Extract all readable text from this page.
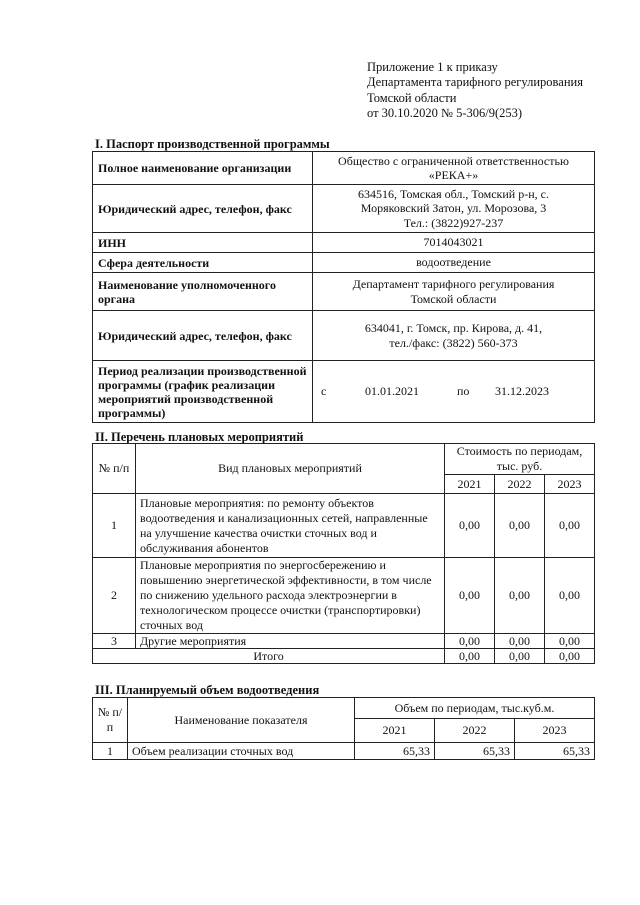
Приложение 1 к приказу
Департамента тарифного регулирования
Томской области
от 30.10.2020 № 5-306/9(253)
I. Паспорт производственной программы
Полное наименование организации	Общество с ограниченной ответственностью
«РЕКА+»

Юридический адрес, телефон, факс	634516, Томская обл., Томский р-н, с.
Моряковский Затон, ул. Морозова, 3
Тел.: (3822)927-237

ИНН	7014043021
Сфера деятельности	водоотведение
Наименование уполномоченного органа	Департамент тарифного регулирования
Томской области

Юридический адрес, телефон, факс	634041, г. Томск, пр. Кирова, д. 41,
тел./факс: (3822) 560-373

Период реализации производственной программы (график реализации мероприятий производственной программы)	с 01.01.2021 по 31.12.2023
II. Перечень плановых мероприятий
№ п/п	Вид плановых мероприятий	Стоимость по периодам, тыс. руб.		
		2021	2022	2023
1	Плановые мероприятия: по ремонту объектов водоотведения и канализационных сетей, направленные на улучшение качества очистки сточных вод и обслуживания абонентов	0,00	0,00	0,00
2	Плановые мероприятия по энергосбережению и повышению энергетической эффективности, в том числе по снижению удельного расхода электроэнергии в технологическом процессе очистки (транспортировки) сточных вод	0,00	0,00	0,00
3	Другие мероприятия	0,00	0,00	0,00
Итого		0,00	0,00	0,00
III. Планируемый объем водоотведения
№ п/п	Наименование показателя	Объем по периодам, тыс.куб.м.		
		2021	2022	2023
1	Объем реализации сточных вод	65,33	65,33	65,33
